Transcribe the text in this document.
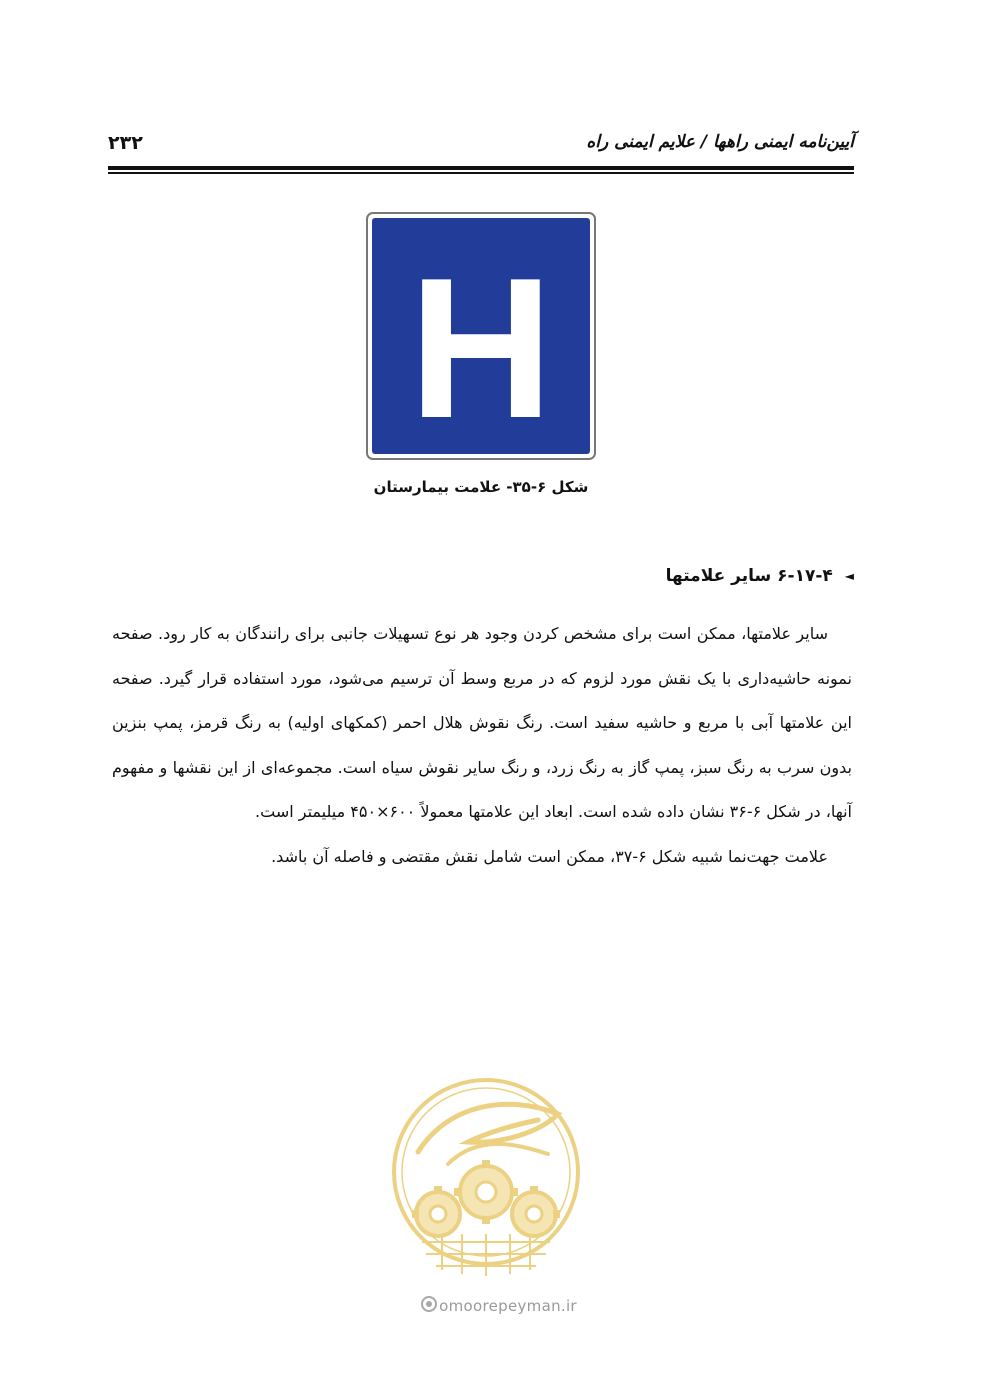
۲۳۲	آیین‌نامه ایمنی راهها / علایم ایمنی راه
H
شکل ۶-۳۵- علامت بیمارستان
◄۶-۱۷-۴ سایر علامتها

سایر علامتها، ممکن است برای مشخص کردن وجود هر نوع تسهیلات جانبی برای رانندگان به کار رود. صفحه نمونه حاشیه‌داری با یک نقش مورد لزوم که در مربع وسط آن ترسیم می‌شود، مورد استفاده قرار گیرد. صفحه این علامتها آبی با مربع و حاشیه سفید است. رنگ نقوش هلال احمر (کمکهای اولیه) به رنگ قرمز، پمپ بنزین بدون سرب به رنگ سبز، پمپ گاز به رنگ زرد، و رنگ سایر نقوش سیاه است. مجموعه‌ای از این نقشها و مفهوم آنها، در شکل ۶-۳۶ نشان داده شده است. ابعاد این علامتها معمولاً ۶۰۰×۴۵۰ میلیمتر است.

علامت جهت‌نما شبیه شکل ۶-۳۷، ممکن است شامل نقش مقتضی و فاصله آن باشد.

omoorepeyman.ir
